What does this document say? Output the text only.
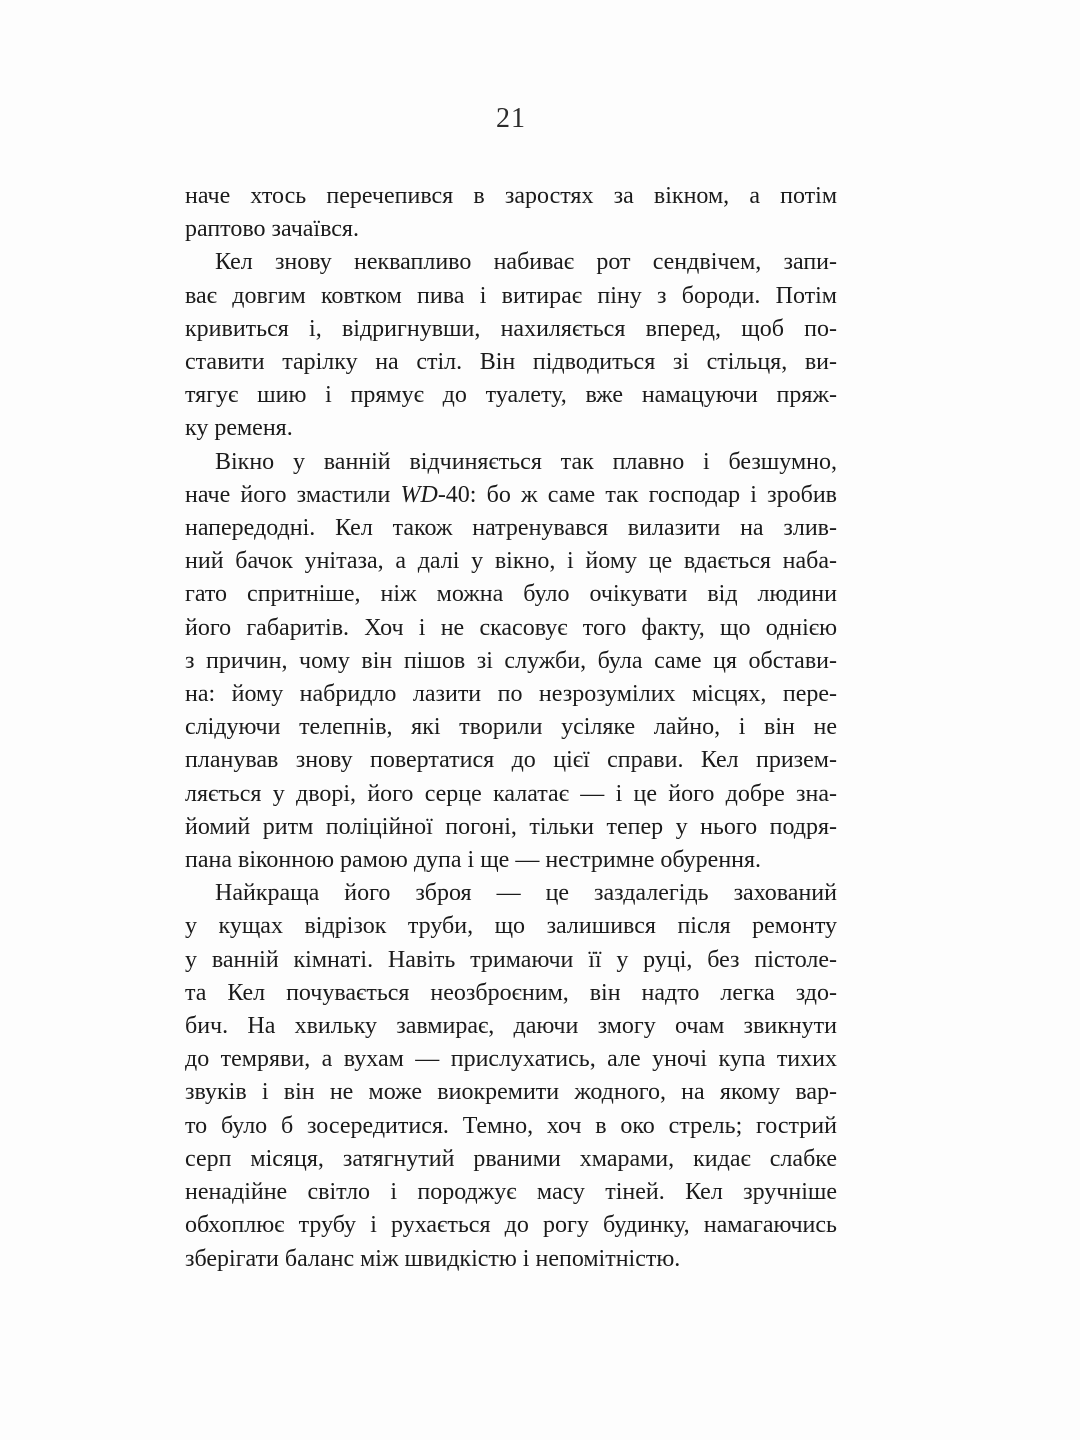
21
наче хтось перечепився в заростях за вікном, а потім
раптово зачаївся.
Кел знову неквапливо набиває рот сендвічем, запи-
ває довгим ковтком пива і витирає піну з бороди. Потім
кривиться і, відригнувши, нахиляється вперед, щоб по-
ставити тарілку на стіл. Він підводиться зі стільця, ви-
тягує шию і прямує до туалету, вже намацуючи пряж-
ку ременя.
Вікно у ванній відчиняється так плавно і безшумно,
наче його змастили WD-40: бо ж саме так господар і зробив
напередодні. Кел також натренувався вилазити на злив-
ний бачок унітаза, а далі у вікно, і йому це вдається наба-
гато спритніше, ніж можна було очікувати від людини
його габаритів. Хоч і не скасовує того факту, що однією
з причин, чому він пішов зі служби, була саме ця обстави-
на: йому набридло лазити по незрозумілих місцях, пере-
слідуючи телепнів, які творили усіляке лайно, і він не
планував знову повертатися до цієї справи. Кел призем-
ляється у дворі, його серце калатає — і це його добре зна-
йомий ритм поліційної погоні, тільки тепер у нього подря-
пана віконною рамою дупа і ще — нестримне обурення.
Найкраща його зброя — це заздалегідь захований
у кущах відрізок труби, що залишився після ремонту
у ванній кімнаті. Навіть тримаючи її у руці, без пістоле-
та Кел почувається неозброєним, він надто легка здо-
бич. На хвильку завмирає, даючи змогу очам звикнути
до темряви, а вухам — прислухатись, але уночі купа тихих
звуків і він не може виокремити жодного, на якому вар-
то було б зосередитися. Темно, хоч в око стрель; гострий
серп місяця, затягнутий рваними хмарами, кидає слабке
ненадійне світло і породжує масу тіней. Кел зручніше
обхоплює трубу і рухається до рогу будинку, намагаючись
зберігати баланс між швидкістю і непомітністю.
